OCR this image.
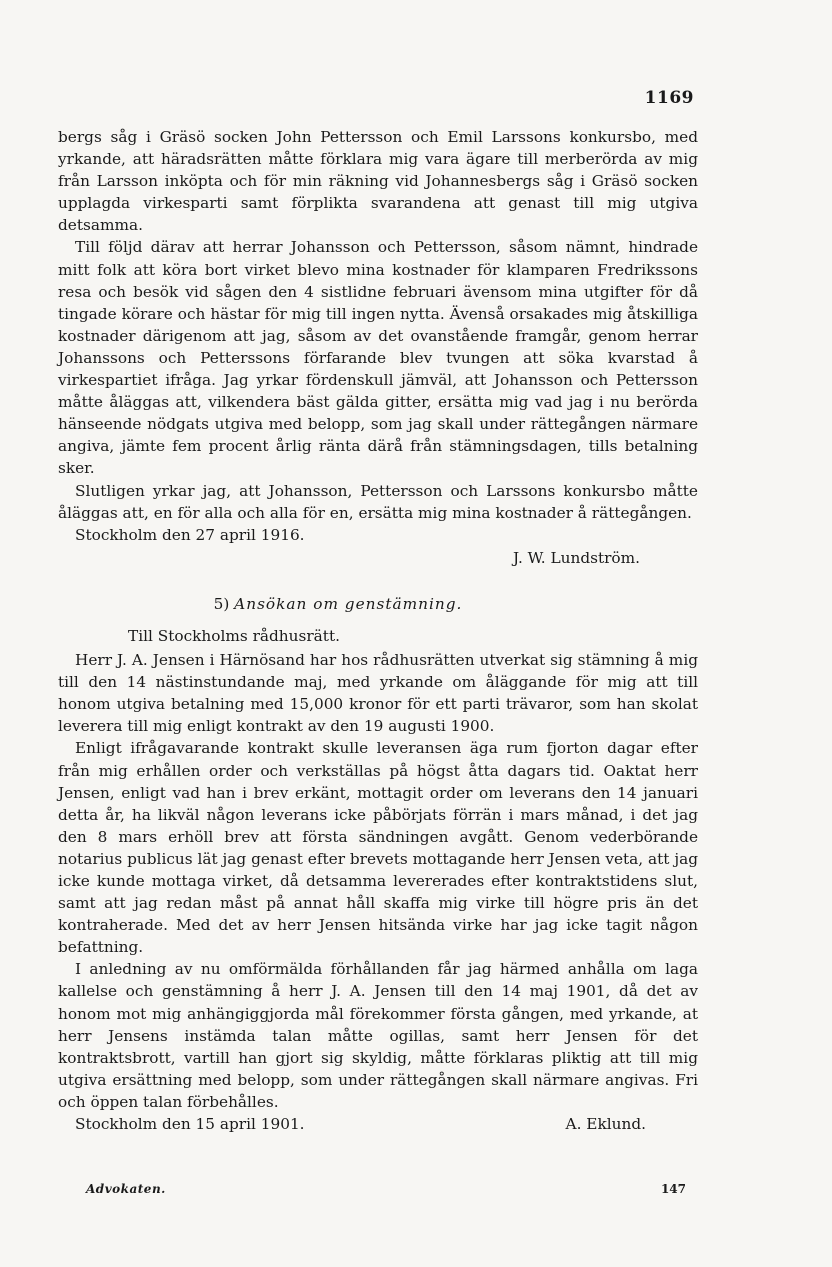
1169

bergs såg i Gräsö socken John Pettersson och Emil Larssons konkursbo, med yrkande, att häradsrätten måtte förklara mig vara ägare till merberörda av mig från Larsson inköpta och för min räkning vid Johannesbergs såg i Gräsö socken upplagda virkesparti samt förplikta svarandena att genast till mig utgiva detsamma.

Till följd därav att herrar Johansson och Pettersson, såsom nämnt, hindrade mitt folk att köra bort virket blevo mina kostnader för klamparen Fredrikssons resa och besök vid sågen den 4 sistlidne februari ävensom mina utgifter för då tingade körare och hästar för mig till ingen nytta. Ävenså orsakades mig åtskilliga kostnader därigenom att jag, såsom av det ovanstående framgår, genom herrar Johanssons och Petterssons förfarande blev tvungen att söka kvarstad å virkespartiet ifråga. Jag yrkar fördenskull jämväl, att Johansson och Pettersson måtte åläggas att, vilkendera bäst gälda gitter, ersätta mig vad jag i nu berörda hänseende nödgats utgiva med belopp, som jag skall under rättegången närmare angiva, jämte fem procent årlig ränta därå från stämningsdagen, tills betalning sker.

Slutligen yrkar jag, att Johansson, Pettersson och Larssons konkursbo måtte åläggas att, en för alla och alla för en, ersätta mig mina kostnader å rättegången.

Stockholm den 27 april 1916.

J. W. Lundström.

5) Ansökan om genstämning.

Till Stockholms rådhusrätt.

Herr J. A. Jensen i Härnösand har hos rådhusrätten utverkat sig stämning å mig till den 14 nästinstundande maj, med yrkande om åläggande för mig att till honom utgiva betalning med 15,000 kronor för ett parti trävaror, som han skolat leverera till mig enligt kontrakt av den 19 augusti 1900.

Enligt ifrågavarande kontrakt skulle leveransen äga rum fjorton dagar efter från mig erhållen order och verkställas på högst åtta dagars tid. Oaktat herr Jensen, enligt vad han i brev erkänt, mottagit order om leverans den 14 januari detta år, ha likväl någon leverans icke påbörjats förrän i mars månad, i det jag den 8 mars erhöll brev att första sändningen avgått. Genom vederbörande notarius publicus lät jag genast efter brevets mottagande herr Jensen veta, att jag icke kunde mottaga virket, då detsamma levererades efter kontraktstidens slut, samt att jag redan måst på annat håll skaffa mig virke till högre pris än det kontraherade. Med det av herr Jensen hitsända virke har jag icke tagit någon befattning.

I anledning av nu omförmälda förhållanden får jag härmed anhålla om laga kallelse och genstämning å herr J. A. Jensen till den 14 maj 1901, då det av honom mot mig anhängiggjorda mål förekommer första gången, med yrkande, at herr Jensens instämda talan måtte ogillas, samt herr Jensen för det kontraktsbrott, vartill han gjort sig skyldig, måtte förklaras pliktig att till mig utgiva ersättning med belopp, som under rättegången skall närmare angivas. Fri och öppen talan förbehålles.

Stockholm den 15 april 1901.	A. Eklund.
Advokaten.	147
